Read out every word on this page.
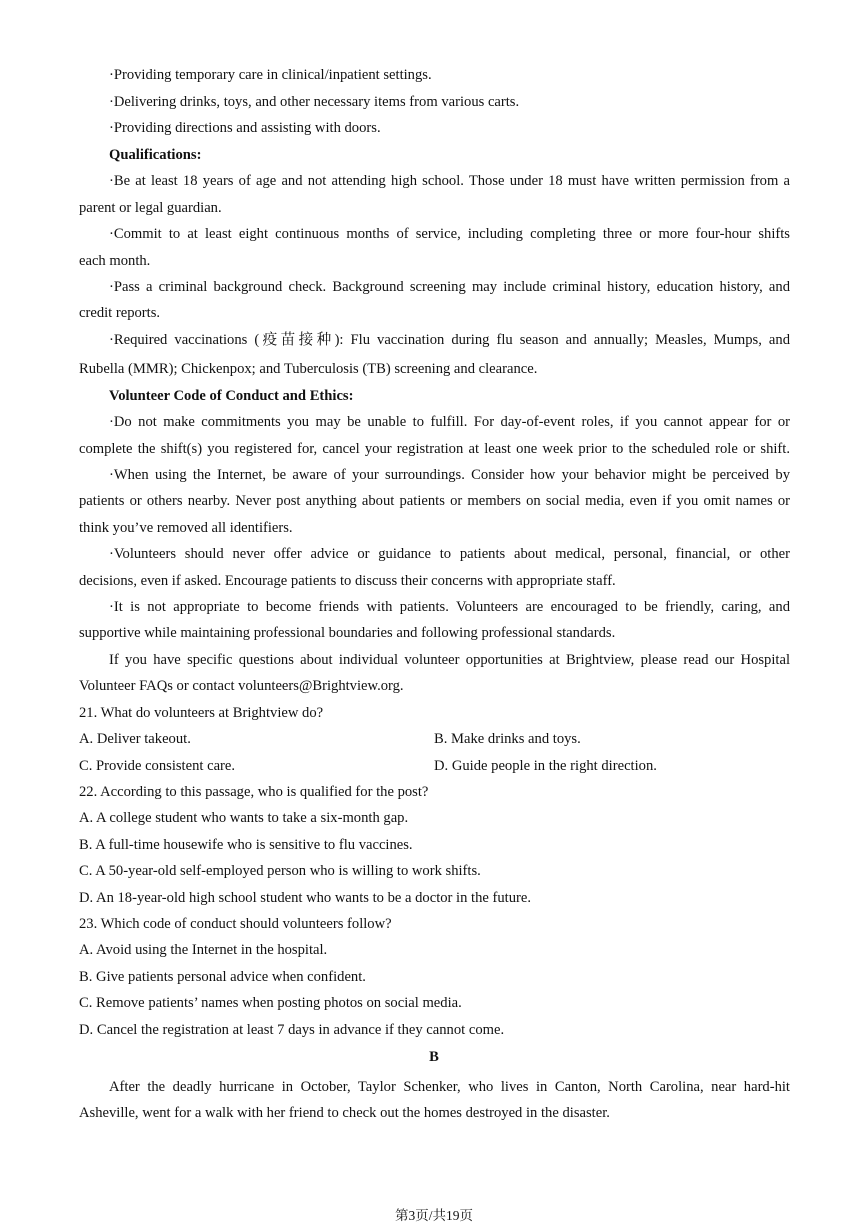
·Providing temporary care in clinical/inpatient settings.
·Delivering drinks, toys, and other necessary items from various carts.
·Providing directions and assisting with doors.
Qualifications:
·Be at least 18 years of age and not attending high school. Those under 18 must have written permission from a
parent or legal guardian.
·Commit to at least eight continuous months of service, including completing three or more four-hour shifts
each month.
·Pass a criminal background check. Background screening may include criminal history, education history, and
credit reports.
·Required vaccinations (疫苗接种): Flu vaccination during flu season and annually; Measles, Mumps, and
Rubella (MMR); Chickenpox; and Tuberculosis (TB) screening and clearance.
Volunteer Code of Conduct and Ethics:
·Do not make commitments you may be unable to fulfill. For day-of-event roles, if you cannot appear for or
complete the shift(s) you registered for, cancel your registration at least one week prior to the scheduled role or shift.
·When using the Internet, be aware of your surroundings. Consider how your behavior might be perceived by
patients or others nearby. Never post anything about patients or members on social media, even if you omit names or
think you’ve removed all identifiers.
·Volunteers should never offer advice or guidance to patients about medical, personal, financial, or other
decisions, even if asked. Encourage patients to discuss their concerns with appropriate staff.
·It is not appropriate to become friends with patients. Volunteers are encouraged to be friendly, caring, and
supportive while maintaining professional boundaries and following professional standards.
If you have specific questions about individual volunteer opportunities at Brightview, please read our Hospital
Volunteer FAQs or contact volunteers@Brightview.org.
21. What do volunteers at Brightview do?
A. Deliver takeout.	B. Make drinks and toys.
C. Provide consistent care.	D. Guide people in the right direction.
22. According to this passage, who is qualified for the post?
A. A college student who wants to take a six-month gap.
B. A full-time housewife who is sensitive to flu vaccines.
C. A 50-year-old self-employed person who is willing to work shifts.
D. An 18-year-old high school student who wants to be a doctor in the future.
23. Which code of conduct should volunteers follow?
A. Avoid using the Internet in the hospital.
B. Give patients personal advice when confident.
C. Remove patients’ names when posting photos on social media.
D. Cancel the registration at least 7 days in advance if they cannot come.
B
After the deadly hurricane in October, Taylor Schenker, who lives in Canton, North Carolina, near hard-hit
Asheville, went for a walk with her friend to check out the homes destroyed in the disaster.
第3页/共19页
